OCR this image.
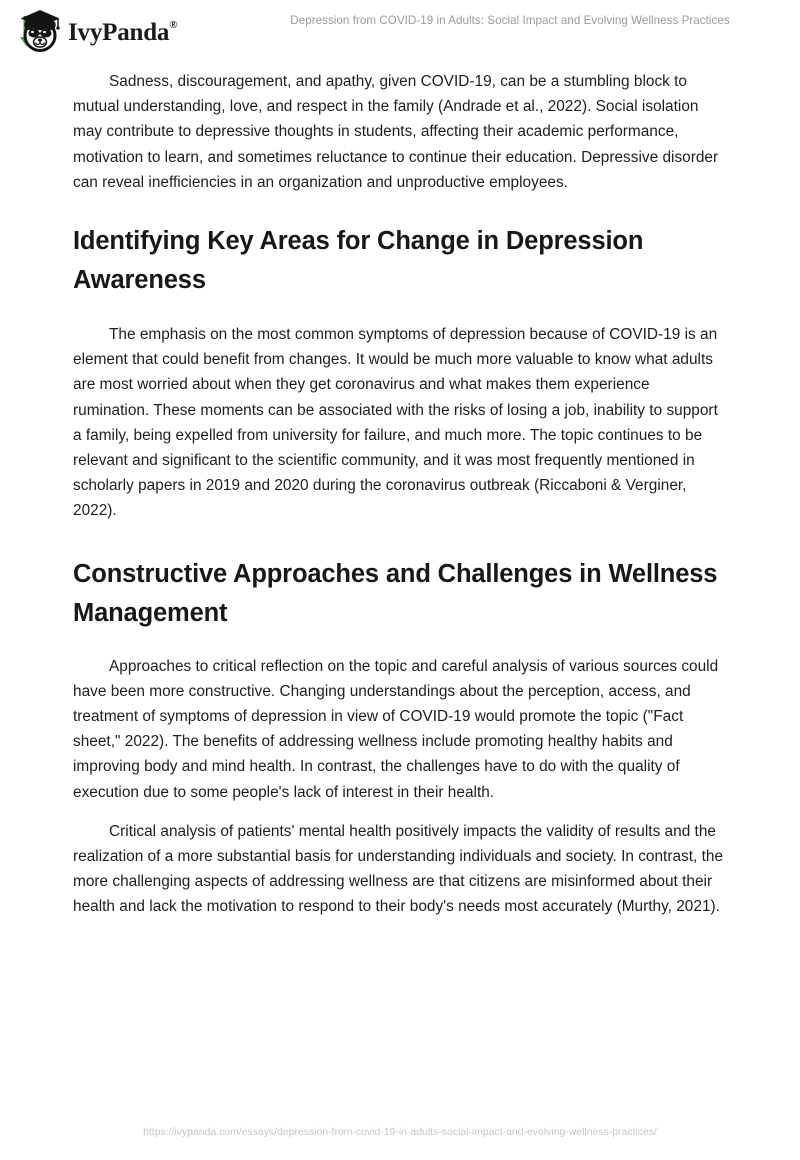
IvyPanda®	Depression from COVID-19 in Adults: Social Impact and Evolving Wellness Practices

Sadness, discouragement, and apathy, given COVID-19, can be a stumbling block to mutual understanding, love, and respect in the family (Andrade et al., 2022). Social isolation may contribute to depressive thoughts in students, affecting their academic performance, motivation to learn, and sometimes reluctance to continue their education. Depressive disorder can reveal inefficiencies in an organization and unproductive employees.

Identifying Key Areas for Change in Depression Awareness

The emphasis on the most common symptoms of depression because of COVID-19 is an element that could benefit from changes. It would be much more valuable to know what adults are most worried about when they get coronavirus and what makes them experience rumination. These moments can be associated with the risks of losing a job, inability to support a family, being expelled from university for failure, and much more. The topic continues to be relevant and significant to the scientific community, and it was most frequently mentioned in scholarly papers in 2019 and 2020 during the coronavirus outbreak (Riccaboni & Verginer, 2022).

Constructive Approaches and Challenges in Wellness Management

Approaches to critical reflection on the topic and careful analysis of various sources could have been more constructive. Changing understandings about the perception, access, and treatment of symptoms of depression in view of COVID-19 would promote the topic ("Fact sheet," 2022). The benefits of addressing wellness include promoting healthy habits and improving body and mind health. In contrast, the challenges have to do with the quality of execution due to some people's lack of interest in their health.

Critical analysis of patients' mental health positively impacts the validity of results and the realization of a more substantial basis for understanding individuals and society. In contrast, the more challenging aspects of addressing wellness are that citizens are misinformed about their health and lack the motivation to respond to their body's needs most accurately (Murthy, 2021).

https://ivypanda.com/essays/depression-from-covid-19-in-adults-social-impact-and-evolving-wellness-practices/
